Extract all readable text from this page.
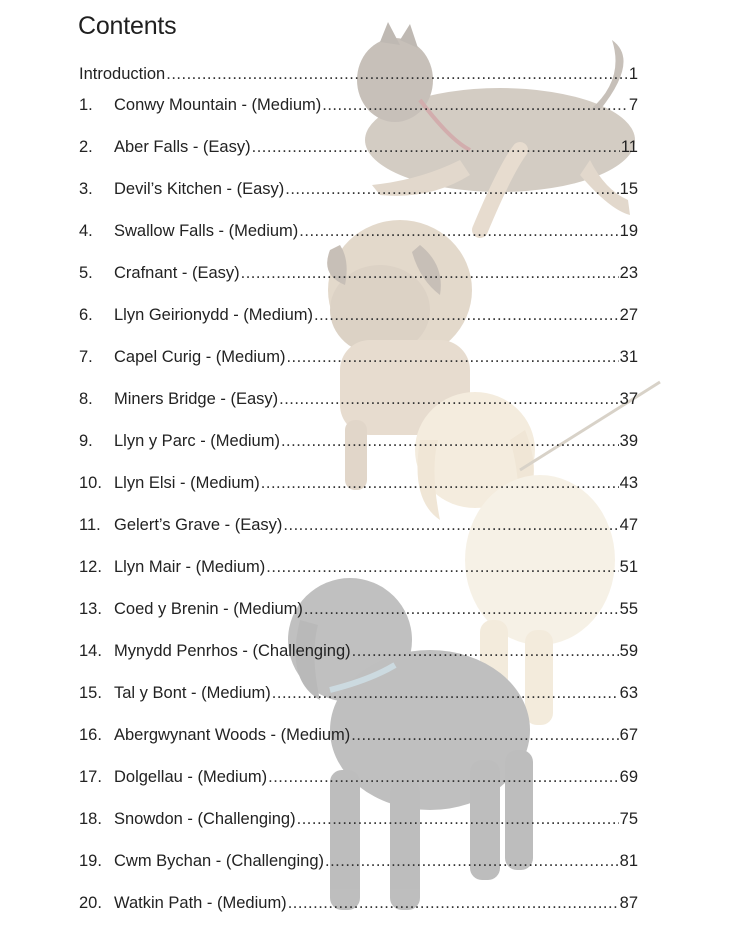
Contents
Introduction .....	1
1.	Conwy Mountain - (Medium) .....	7
2.	Aber Falls - (Easy) .....	11
3.	Devil’s Kitchen - (Easy) .....	15
4.	Swallow Falls - (Medium) .....	19
5.	Crafnant - (Easy) .....	23
6.	Llyn Geirionydd - (Medium) .....	27
7.	Capel Curig - (Medium) .....	31
8.	Miners Bridge - (Easy) .....	37
9.	Llyn y Parc - (Medium) .....	39
10. Llyn Elsi - (Medium) .....	43
11. Gelert’s Grave - (Easy) .....	47
12. Llyn Mair - (Medium) .....	51
13. Coed y Brenin - (Medium) .....	55
14. Mynydd Penrhos - (Challenging) .....	59
15. Tal y Bont - (Medium) .....	63
16. Abergwynant Woods - (Medium) .....	67
17. Dolgellau - (Medium) .....	69
18. Snowdon - (Challenging) .....	75
19. Cwm Bychan - (Challenging) .....	81
20. Watkin Path - (Medium) .....	87
